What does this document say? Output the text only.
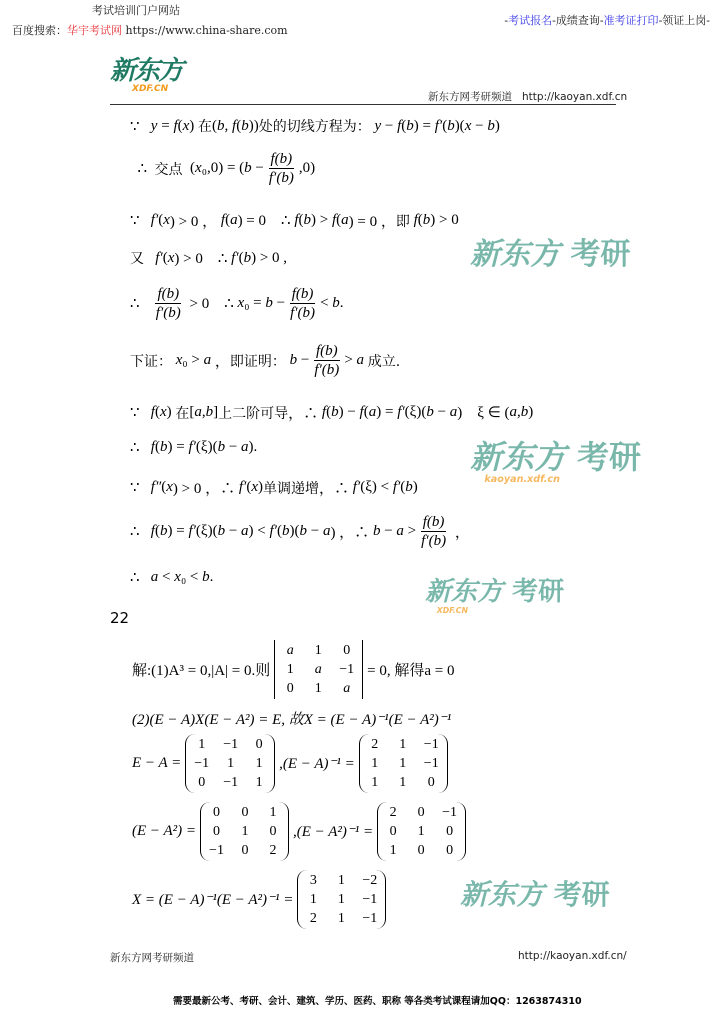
考试培训门户网站
百度搜索：华宇考试网 https://www.china-share.com
-考试报名-成绩查询-准考证打印-领证上岗-
新东方
XDF.CN
新东方网考研频道 http://kaoyan.xdf.cn
∵ y = f ( x ) 在 ( b , f ( b )) 处的切线方程为：
y − f ( b ) = f′ ( b )( x − b )
∴ 交点 ( x ₀,0) = ( $b - \frac{f(b)}{f'(b)} ,0$)
∵ f′ ( x ) > 0 ， f ( a ) = 0    ∴ f ( b ) > f ( a ) = 0 ， 即
f ( b ) > 0
又
f′ ( x ) > 0    ∴ f′ ( b ) > 0 ,
∴ $\frac{f(b)}{f'(b)} > 0$    ∴ x $_0 = b - \frac{f(b)}{f'(b)} < b$ .
下证：
x ₀ > a ， 即证明：
$b - \frac{f(b)}{f'(b)} > a$
成立.
∵ f ( x ) 在 [ a , b ] 上二阶可导 ，∴ f ( b ) − f ( a ) = f′ (ξ)( b − a )    ξ ∈ ( a , b )
∴ f ( b ) = f′ (ξ)( b − a ).
∵ f″ ( x ) > 0 ，∴ f′ ( x ) 单调递增 ，∴ f′ (ξ) < f′ ( b )
∴ f ( b ) = f′ (ξ)( b − a ) < f′ ( b )( b − a ) ，∴ $b - a > \frac{f(b)}{f'(b)}$ ，
∴ a < x ₀ < b .
22
解:(1)A³ = 0,|A| = 0.则
a 1 0
1 a −1
0 1 a
= 0, 解得a = 0
(2)(E − A)X(E − A²) = E, 故X = (E − A)⁻¹(E − A²)⁻¹
E − A =
1 −1 0
−1 1 1
0 −1 1
,(E − A)⁻¹ =
2 1 −1
1 1 −1
1 1 0
(E − A²) =
0 0 1
0 1 0
−1 0 2
,(E − A²)⁻¹ =
2 0 −1
0 1 0
1 0 0
X = (E − A)⁻¹(E − A²)⁻¹ =
3 1 −2
1 1 −1
2 1 −1
新东方 考研
新东方 考研
kaoyan.xdf.cn
新东方 考研
XDF.CN
新东方 考研
新东方网考研频道	http://kaoyan.xdf.cn/
需要最新公考、考研、会计、建筑、学历、医药、职称 等各类考试课程请加QQ：1263874310
